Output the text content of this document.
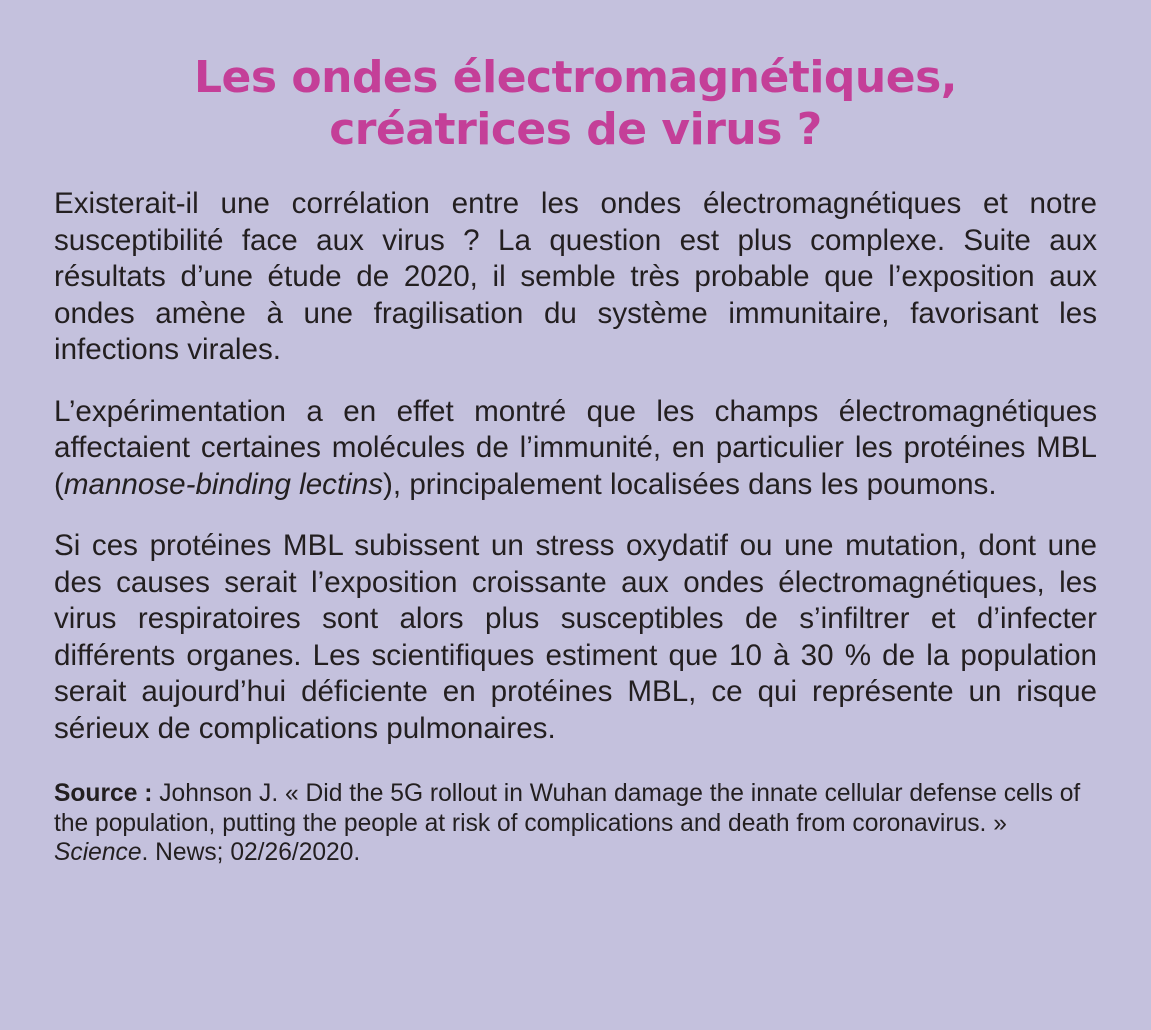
Les ondes électromagnétiques,
créatrices de virus ?

Existerait-il une corrélation entre les ondes électromagnétiques et notre susceptibilité face aux virus ? La question est plus complexe. Suite aux résultats d’une étude de 2020, il semble très probable que l’exposition aux ondes amène à une fragilisation du système immunitaire, favorisant les infections virales.

L’expérimentation a en effet montré que les champs électromagnétiques affectaient certaines molécules de l’immunité, en particulier les protéines MBL (mannose-binding lectins), principalement localisées dans les poumons.

Si ces protéines MBL subissent un stress oxydatif ou une mutation, dont une des causes serait l’exposition croissante aux ondes électromagnétiques, les virus respiratoires sont alors plus susceptibles de s’infiltrer et d’infecter différents organes. Les scientifiques estiment que 10 à 30 % de la population serait aujourd’hui déficiente en protéines MBL, ce qui représente un risque sérieux de complications pulmonaires.

Source : Johnson J. « Did the 5G rollout in Wuhan damage the innate cellular defense cells of the population, putting the people at risk of complications and death from coronavirus. » Science. News; 02/26/2020.
